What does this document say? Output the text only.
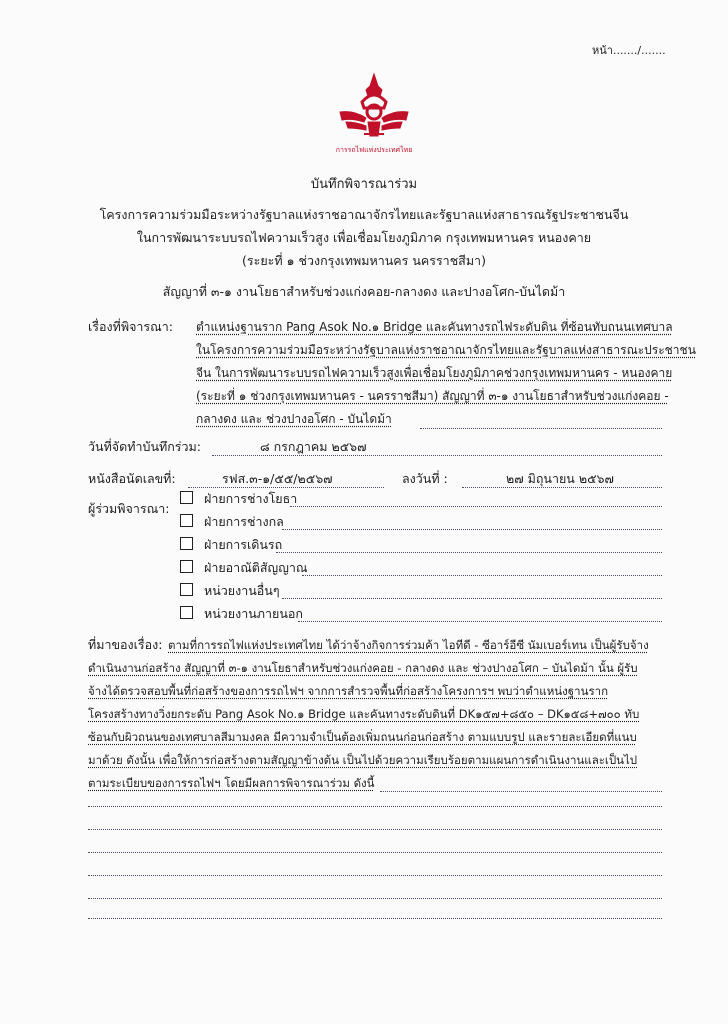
หน้า......./.......
การรถไฟแห่งประเทศไทย
บันทึกพิจารณาร่วม
โครงการความร่วมมือระหว่างรัฐบาลแห่งราชอาณาจักรไทยและรัฐบาลแห่งสาธารณรัฐประชาชนจีน
ในการพัฒนาระบบรถไฟความเร็วสูง เพื่อเชื่อมโยงภูมิภาค กรุงเทพมหานคร หนองคาย
(ระยะที่ ๑ ช่วงกรุงเทพมหานคร นครราชสีมา)
สัญญาที่ ๓-๑ งานโยธาสำหรับช่วงแก่งคอย-กลางดง และปางอโศก-บันไดม้า
เรื่องที่พิจารณา: ตำแหน่งฐานราก Pang Asok No.๑ Bridge และคันทางรถไฟระดับดิน ที่ซ้อนทับถนนเทศบาล
ในโครงการความร่วมมือระหว่างรัฐบาลแห่งราชอาณาจักรไทยและรัฐบาลแห่งสาธารณะประชาชน
จีน ในการพัฒนาระบบรถไฟความเร็วสูงเพื่อเชื่อมโยงภูมิภาคช่วงกรุงเทพมหานคร - หนองคาย
(ระยะที่ ๑ ช่วงกรุงเทพมหานคร - นครราชสีมา) สัญญาที่ ๓-๑ งานโยธาสำหรับช่วงแก่งคอย -
กลางดง และ ช่วงปางอโศก - บันไดม้า
วันที่จัดทำบันทึกร่วม:	๘ กรกฎาคม ๒๕๖๗
หนังสือนัดเลขที่:	รฟส.๓-๑/๕๕/๒๕๖๗	ลงวันที่ :	๒๗ มิถุนายน ๒๕๖๗
ผู้ร่วมพิจารณา:
ฝ่ายการช่างโยธา
ฝ่ายการช่างกล
ฝ่ายการเดินรถ
ฝ่ายอาณัติสัญญาณ
หน่วยงานอื่นๆ
หน่วยงานภายนอก
ที่มาของเรื่อง: ตามที่การรถไฟแห่งประเทศไทย ได้ว่าจ้างกิจการร่วมค้า ไอทีดี - ซีอาร์อีซี นัมเบอร์เทน เป็นผู้รับจ้าง
ดำเนินงานก่อสร้าง สัญญาที่ ๓-๑ งานโยธาสำหรับช่วงแก่งคอย - กลางดง และ ช่วงปางอโศก – บันไดม้า นั้น ผู้รับ
จ้างได้ตรวจสอบพื้นที่ก่อสร้างของการรถไฟฯ จากการสำรวจพื้นที่ก่อสร้างโครงการฯ พบว่าตำแหน่งฐานราก
โครงสร้างทางวิ่งยกระดับ Pang Asok No.๑ Bridge และคันทางระดับดินที่ DK๑๕๗+๘๕๐ – DK๑๕๘+๗๐๐ ทับ
ซ้อนกับผิวถนนของเทศบาลสีมามงคล มีความจำเป็นต้องเพิ่มถนนก่อนก่อสร้าง ตามแบบรูป และรายละเอียดที่แนบ
มาด้วย ดังนั้น เพื่อให้การก่อสร้างตามสัญญาข้างต้น เป็นไปด้วยความเรียบร้อยตามแผนการดำเนินงานและเป็นไป
ตามระเบียบของการรถไฟฯ โดยมีผลการพิจารณาร่วม ดังนี้
